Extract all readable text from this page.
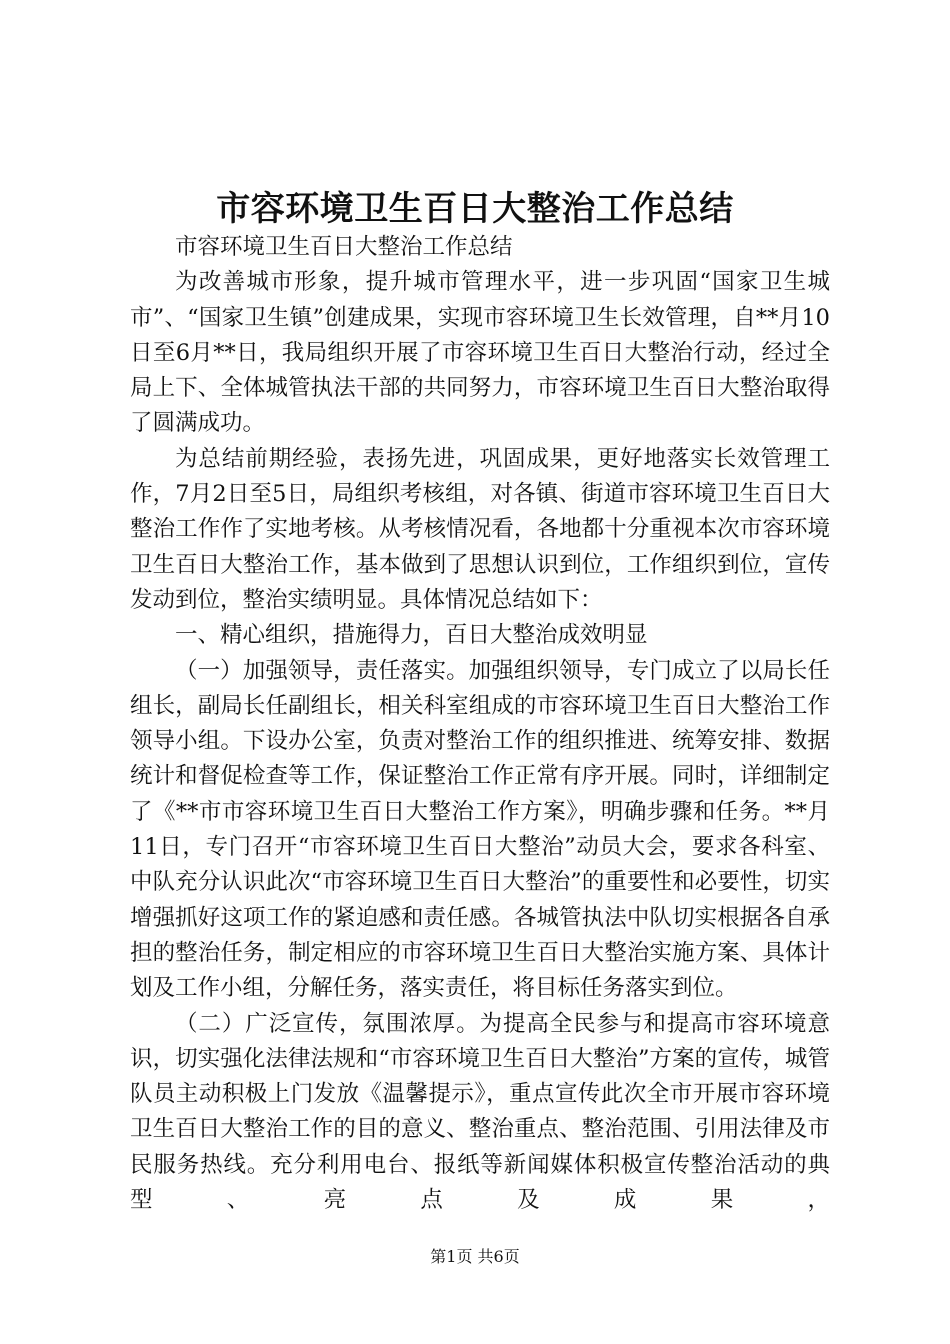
市容环境卫生百日大整治工作总结

市容环境卫生百日大整治工作总结

为改善城市形象，提升城市管理水平，进一步巩固“国家卫生城市”、“国家卫生镇”创建成果，实现市容环境卫生长效管理，自**月10日至6月**日，我局组织开展了市容环境卫生百日大整治行动，经过全局上下、全体城管执法干部的共同努力，市容环境卫生百日大整治取得了圆满成功。

为总结前期经验，表扬先进，巩固成果，更好地落实长效管理工作，7月2日至5日，局组织考核组，对各镇、街道市容环境卫生百日大整治工作作了实地考核。从考核情况看，各地都十分重视本次市容环境卫生百日大整治工作，基本做到了思想认识到位，工作组织到位，宣传发动到位，整治实绩明显。具体情况总结如下：

一、精心组织，措施得力，百日大整治成效明显

（一）加强领导，责任落实。加强组织领导，专门成立了以局长任组长，副局长任副组长，相关科室组成的市容环境卫生百日大整治工作领导小组。下设办公室，负责对整治工作的组织推进、统筹安排、数据统计和督促检查等工作，保证整治工作正常有序开展。同时，详细制定了《**市市容环境卫生百日大整治工作方案》，明确步骤和任务。**月11日，专门召开“市容环境卫生百日大整治”动员大会，要求各科室、中队充分认识此次“市容环境卫生百日大整治”的重要性和必要性，切实增强抓好这项工作的紧迫感和责任感。各城管执法中队切实根据各自承担的整治任务，制定相应的市容环境卫生百日大整治实施方案、具体计划及工作小组，分解任务，落实责任，将目标任务落实到位。

（二）广泛宣传，氛围浓厚。为提高全民参与和提高市容环境意识，切实强化法律法规和“市容环境卫生百日大整治”方案的宣传，城管队员主动积极上门发放《温馨提示》，重点宣传此次全市开展市容环境卫生百日大整治工作的目的意义、整治重点、整治范围、引用法律及市民服务热线。充分利用电台、报纸等新闻媒体积极宣传整治活动的典型、亮点及成果，

第1页 共6页
